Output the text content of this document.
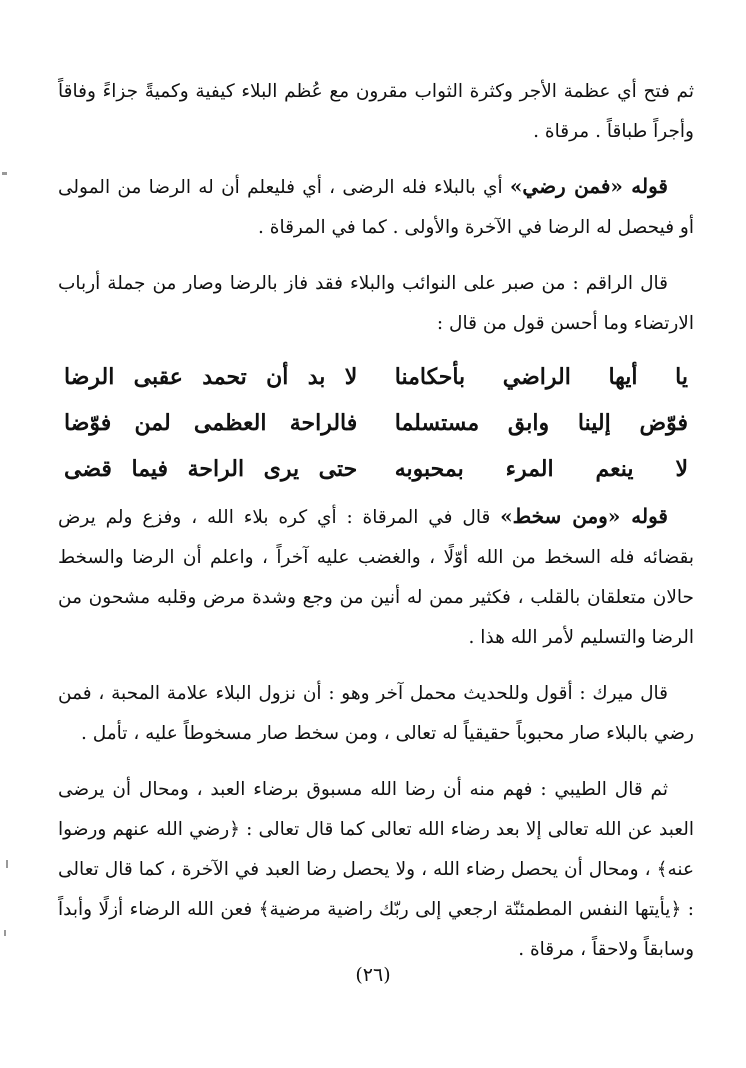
ثم فتح أي عظمة الأجر وكثرة الثواب مقرون مع عُظم البلاء كيفية وكميةً جزاءً وفاقاً وأجراً طباقاً . مرقاة .

قوله «فمن رضي» أي بالبلاء فله الرضى ، أي فليعلم أن له الرضا من المولى أو فيحصل له الرضا في الآخرة والأولى . كما في المرقاة .

قال الراقم : من صبر على النوائب والبلاء فقد فاز بالرضا وصار من جملة أرباب الارتضاء وما أحسن قول من قال :

يا أيها الراضي بأحكامنا
لا بد أن تحمد عقبى الرضا
فوّض إلينا وابق مستسلما
فالراحة العظمى لمن فوّضا
لا ينعم المرء بمحبوبه
حتى يرى الراحة فيما قضى

قوله «ومن سخط» قال في المرقاة : أي كره بلاء الله ، وفزع ولم يرض بقضائه فله السخط من الله أوّلًا ، والغضب عليه آخراً ، واعلم أن الرضا والسخط حالان متعلقان بالقلب ، فكثير ممن له أنين من وجع وشدة مرض وقلبه مشحون من الرضا والتسليم لأمر الله هذا .

قال ميرك : أقول وللحديث محمل آخر وهو : أن نزول البلاء علامة المحبة ، فمن رضي بالبلاء صار محبوباً حقيقياً له تعالى ، ومن سخط صار مسخوطاً عليه ، تأمل .

ثم قال الطيبي : فهم منه أن رضا الله مسبوق برضاء العبد ، ومحال أن يرضى العبد عن الله تعالى إلا بعد رضاء الله تعالى كما قال تعالى : ﴿رضي الله عنهم ورضوا عنه﴾ ، ومحال أن يحصل رضاء الله ، ولا يحصل رضا العبد في الآخرة ، كما قال تعالى : ﴿يأيتها النفس المطمئنّة ارجعي إلى ربّك راضية مرضية﴾ فعن الله الرضاء أزلًا وأبداً وسابقاً ولاحقاً ، مرقاة .

(٢٦)
